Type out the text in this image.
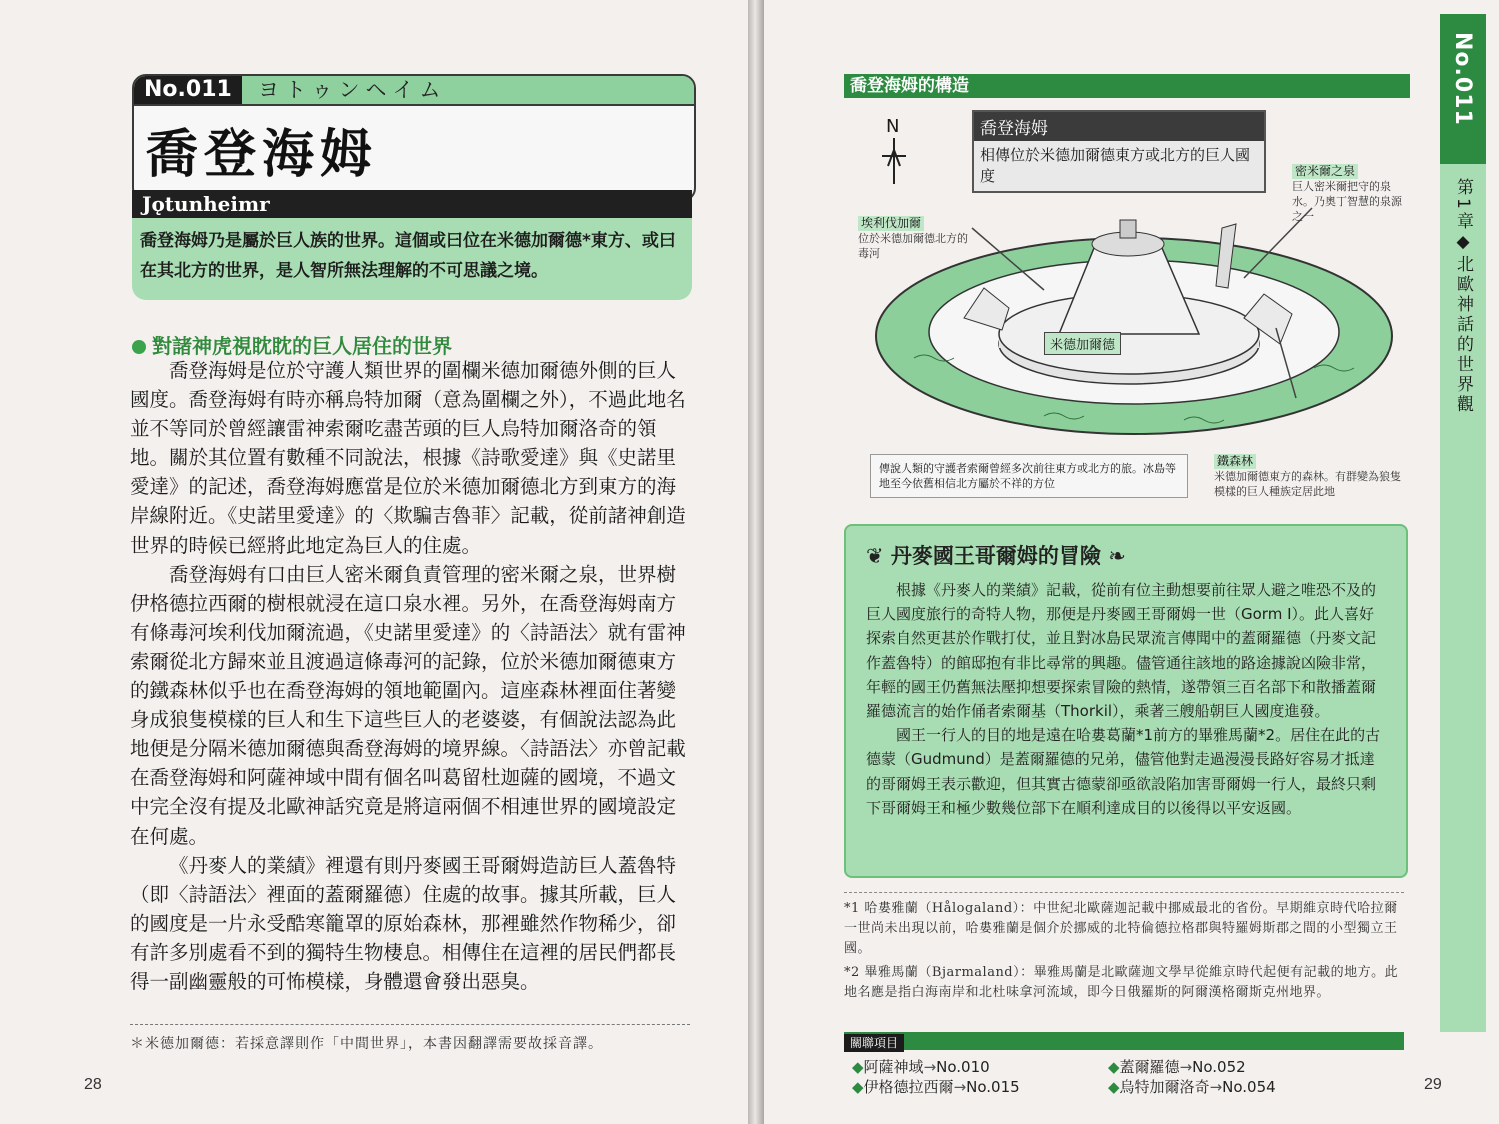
No.011	ヨトゥンヘイム
喬登海姆
Jǫtunheimr
喬登海姆乃是屬於巨人族的世界。這個或曰位在米德加爾德*東方、或曰在其北方的世界，是人智所無法理解的不可思議之境。
對諸神虎視眈眈的巨人居住的世界

喬登海姆是位於守護人類世界的圍欄米德加爾德外側的巨人國度。喬登海姆有時亦稱烏特加爾（意為圍欄之外），不過此地名並不等同於曾經讓雷神索爾吃盡苦頭的巨人烏特加爾洛奇的領地。關於其位置有數種不同說法，根據《詩歌愛達》與《史諾里愛達》的記述，喬登海姆應當是位於米德加爾德北方到東方的海岸線附近。《史諾里愛達》的〈欺騙吉魯菲〉記載，從前諸神創造世界的時候已經將此地定為巨人的住處。

喬登海姆有口由巨人密米爾負責管理的密米爾之泉，世界樹伊格德拉西爾的樹根就浸在這口泉水裡。另外，在喬登海姆南方有條毒河埃利伐加爾流過，《史諾里愛達》的〈詩語法〉就有雷神索爾從北方歸來並且渡過這條毒河的記錄，位於米德加爾德東方的鐵森林似乎也在喬登海姆的領地範圍內。這座森林裡面住著變身成狼隻模樣的巨人和生下這些巨人的老婆婆，有個說法認為此地便是分隔米德加爾德與喬登海姆的境界線。〈詩語法〉亦曾記載在喬登海姆和阿薩神域中間有個名叫葛留杜迦薩的國境，不過文中完全沒有提及北歐神話究竟是將這兩個不相連世界的國境設定在何處。

《丹麥人的業績》裡還有則丹麥國王哥爾姆造訪巨人蓋魯特（即〈詩語法〉裡面的蓋爾羅德）住處的故事。據其所載，巨人的國度是一片永受酷寒籠罩的原始森林，那裡雖然作物稀少，卻有許多別處看不到的獨特生物棲息。相傳住在這裡的居民們都長得一副幽靈般的可怖模樣，身體還會發出惡臭。

＊米德加爾德：若採意譯則作「中間世界」，本書因翻譯需要故採音譯。
28
No.011
第1章◆北歐神話的世界觀
喬登海姆的構造
N	喬登海姆
相傳位於米德加爾德東方或北方的巨人國度	密米爾之泉
巨人密米爾把守的泉水。乃奧丁智慧的泉源之一
埃利伐加爾
位於米德加爾德北方的毒河
米德加爾德
鐵森林
米德加爾德東方的森林。有群變為狼隻模樣的巨人種族定居此地
傳說人類的守護者索爾曾經多次前往東方或北方的旅。冰島等地至今依舊相信北方屬於不祥的方位
❦ 丹麥國王哥爾姆的冒險 ❧

根據《丹麥人的業績》記載，從前有位主動想要前往眾人避之唯恐不及的巨人國度旅行的奇特人物，那便是丹麥國王哥爾姆一世（Gorm I）。此人喜好探索自然更甚於作戰打仗，並且對冰島民眾流言傳聞中的蓋爾羅德（丹麥文記作蓋魯特）的館邸抱有非比尋常的興趣。儘管通往該地的路途據說凶險非常，年輕的國王仍舊無法壓抑想要探索冒險的熱情，遂帶領三百名部下和散播蓋爾羅德流言的始作俑者索爾基（Thorkil），乘著三艘船朝巨人國度進發。

國王一行人的目的地是遠在哈婁葛蘭*1前方的畢雅馬蘭*2。居住在此的古德蒙（Gudmund）是蓋爾羅德的兄弟，儘管他對走過漫漫長路好容易才抵達的哥爾姆王表示歡迎，但其實古德蒙卻亟欲設陷加害哥爾姆一行人，最終只剩下哥爾姆王和極少數幾位部下在順利達成目的以後得以平安返國。

*1 哈婁雅蘭（Hålogaland）：中世紀北歐薩迦記載中挪威最北的省份。早期維京時代哈拉爾一世尚未出現以前，哈婁雅蘭是個介於挪威的北特倫德拉格郡與特羅姆斯郡之間的小型獨立王國。

*2 畢雅馬蘭（Bjarmaland）：畢雅馬蘭是北歐薩迦文學早從維京時代起便有記載的地方。此地名應是指白海南岸和北杜味拿河流域，即今日俄羅斯的阿爾漢格爾斯克州地界。

關聯項目
◆阿薩神域→No.010
◆伊格德拉西爾→No.015
◆蓋爾羅德→No.052
◆烏特加爾洛奇→No.054	29
